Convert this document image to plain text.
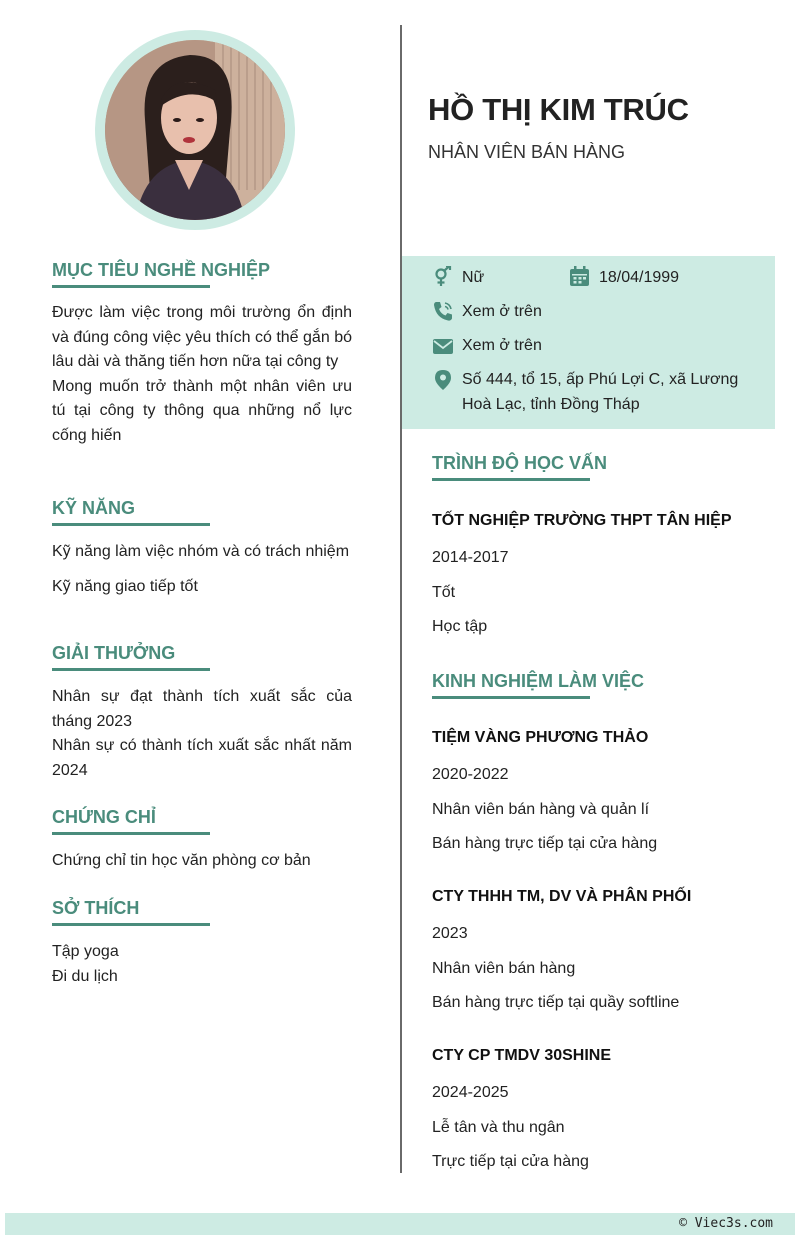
MỤC TIÊU NGHỀ NGHIỆP

Được làm việc trong môi trường ổn định và đúng công việc yêu thích có thể gắn bó lâu dài và thăng tiến hơn nữa tại công ty

Mong muốn trở thành một nhân viên ưu tú tại công ty thông qua những nổ lực cống hiến

KỸ NĂNG

Kỹ năng làm việc nhóm và có trách nhiệm

Kỹ năng giao tiếp tốt

GIẢI THƯỞNG

Nhân sự đạt thành tích xuất sắc của tháng 2023

Nhân sự có thành tích xuất sắc nhất năm 2024

CHỨNG CHỈ

Chứng chỉ tin học văn phòng cơ bản

SỞ THÍCH

Tập yoga

Đi du lịch

HỒ THỊ KIM TRÚC
NHÂN VIÊN BÁN HÀNG
Nữ	18/04/1999
Xem ở trên
Xem ở trên
Số 444, tổ 15, ấp Phú Lợi C, xã Lương
Hoà Lạc, tỉnh Đồng Tháp
TRÌNH ĐỘ HỌC VẤN
TỐT NGHIỆP TRƯỜNG THPT TÂN HIỆP
2014-2017
Tốt
Học tập
KINH NGHIỆM LÀM VIỆC
TIỆM VÀNG PHƯƠNG THẢO
2020-2022
Nhân viên bán hàng và quản lí
Bán hàng trực tiếp tại cửa hàng
CTY THHH TM, DV VÀ PHÂN PHỐI
2023
Nhân viên bán hàng
Bán hàng trực tiếp tại quầy softline
CTY CP TMDV 30SHINE
2024-2025
Lễ tân và thu ngân
Trực tiếp tại cửa hàng
© Viec3s.com
